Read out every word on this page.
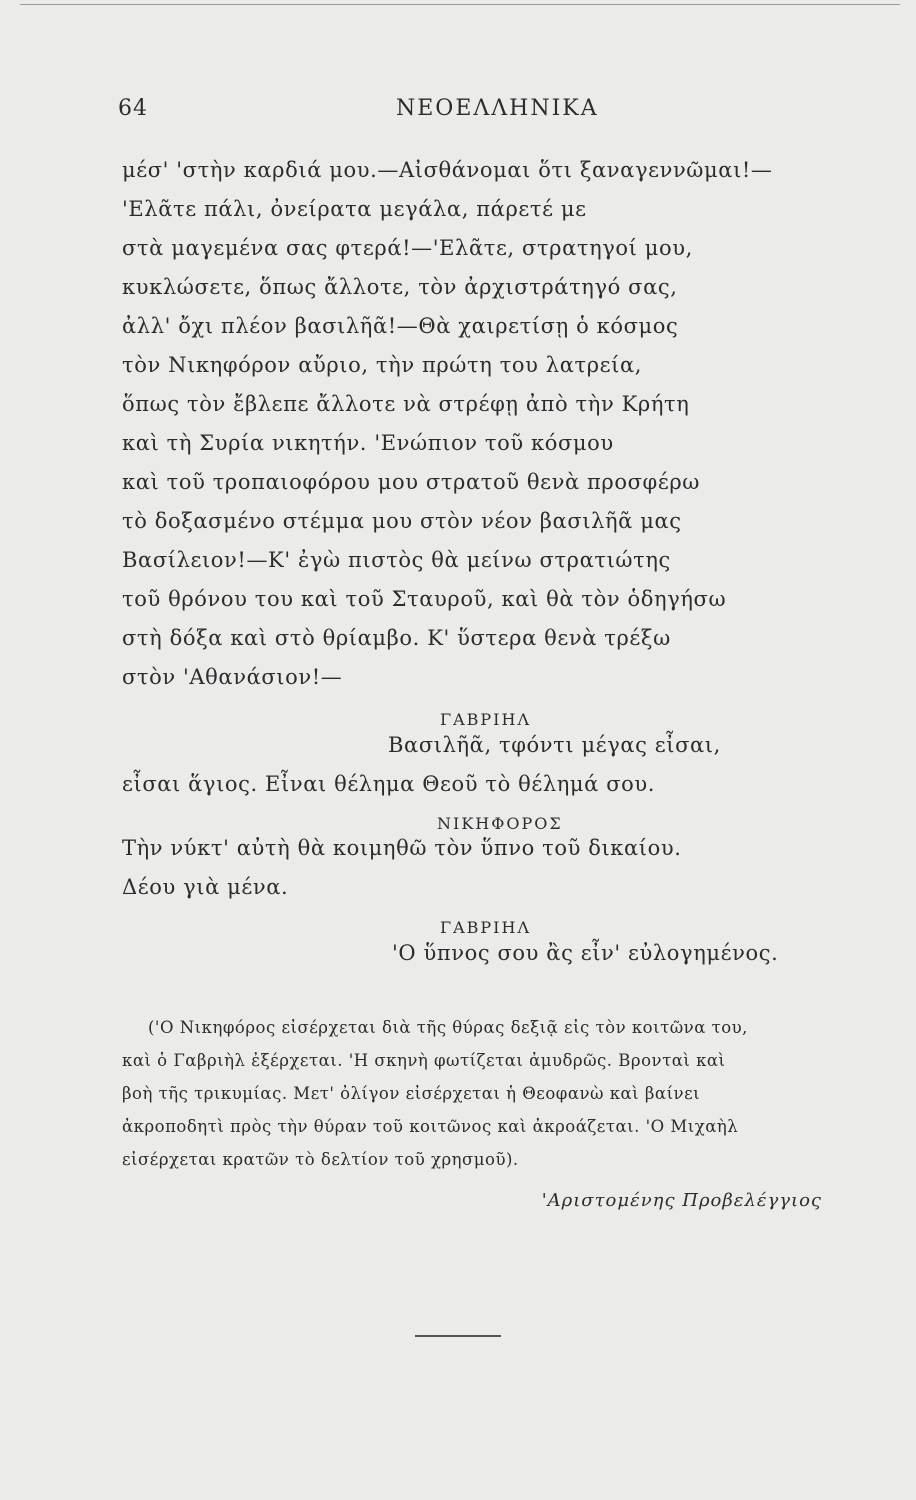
64	ΝΕΟΕΛΛΗΝΙΚΑ
μέσ' 'στὴν καρδιά μου.—Αἰσθάνομαι ὅτι ξαναγεννῶμαι!—
'Ελᾶτε πάλι, ὀνείρατα μεγάλα, πάρετέ με
στὰ μαγεμένα σας φτερά!—'Ελᾶτε, στρατηγοί μου,
κυκλώσετε, ὅπως ἄλλοτε, τὸν ἀρχιστράτηγό σας,
ἀλλ' ὄχι πλέον βασιλῆᾶ!—Θὰ χαιρετίσῃ ὁ κόσμος
τὸν Νικηφόρον αὔριο, τὴν πρώτη του λατρεία,
ὅπως τὸν ἔβλεπε ἄλλοτε νὰ στρέφῃ ἀπὸ τὴν Κρήτη
καὶ τὴ Συρία νικητήν. 'Ενώπιον τοῦ κόσμου
καὶ τοῦ τροπαιοφόρου μου στρατοῦ θενὰ προσφέρω
τὸ δοξασμένο στέμμα μου στὸν νέον βασιλῆᾶ μας
Βασίλειον!—Κ' ἐγὼ πιστὸς θὰ μείνω στρατιώτης
τοῦ θρόνου του καὶ τοῦ Σταυροῦ, καὶ θὰ τὸν ὁδηγήσω
στὴ δόξα καὶ στὸ θρίαμβο. Κ' ὕστερα θενὰ τρέξω
στὸν 'Αθανάσιον!—
ΓΑΒΡΙΗΛ
Βασιλῆᾶ, τφόντι μέγας εἶσαι,
εἶσαι ἅγιος. Εἶναι θέλημα Θεοῦ τὸ θέλημά σου.
ΝΙΚΗΦΟΡΟΣ
Τὴν νύκτ' αὐτὴ θὰ κοιμηθῶ τὸν ὕπνο τοῦ δικαίου.
Δέου γιὰ μένα.
ΓΑΒΡΙΗΛ
'Ο ὕπνος σου ἂς εἶν' εὐλογημένος.
('Ο Νικηφόρος εἰσέρχεται διὰ τῆς θύρας δεξιᾷ εἰς τὸν κοιτῶνα του,
καὶ ὁ Γαβριὴλ ἐξέρχεται. 'Η σκηνὴ φωτίζεται ἀμυδρῶς. Βρονταὶ καὶ
βοὴ τῆς τρικυμίας. Μετ' ὀλίγον εἰσέρχεται ἡ Θεοφανὼ καὶ βαίνει
ἀκροποδητὶ πρὸς τὴν θύραν τοῦ κοιτῶνος καὶ ἀκροάζεται. 'Ο Μιχαὴλ
εἰσέρχεται κρατῶν τὸ δελτίον τοῦ χρησμοῦ).
'Αριστομένης Προβελέγγιος
